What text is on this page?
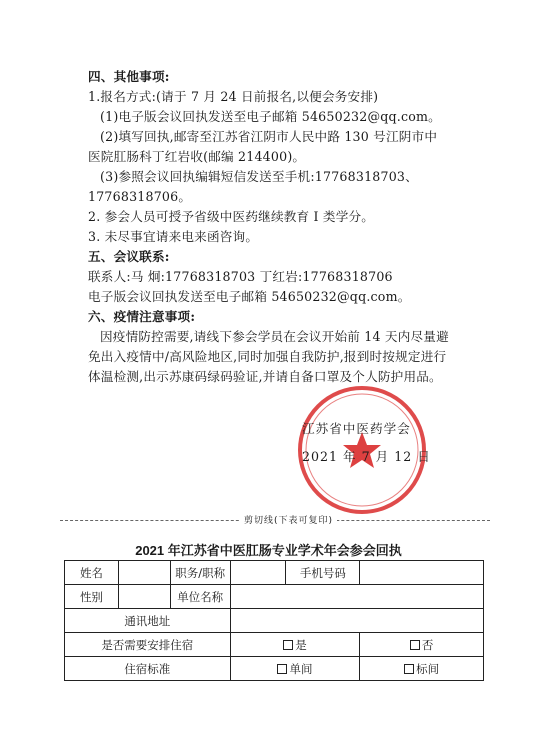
四、其他事项:
1.报名方式:(请于 7 月 24 日前报名,以便会务安排)
(1)电子版会议回执发送至电子邮箱 54650232@qq.com。
(2)填写回执,邮寄至江苏省江阴市人民中路 130 号江阴市中
医院肛肠科丁红岩收(邮编 214400)。
(3)参照会议回执编辑短信发送至手机:17768318703、
17768318706。
2. 参会人员可授予省级中医药继续教育 I 类学分。
3. 未尽事宜请来电来函咨询。
五、会议联系:
联系人:马 炯:17768318703 丁红岩:17768318706
电子版会议回执发送至电子邮箱 54650232@qq.com。
六、疫情注意事项:
因疫情防控需要,请线下参会学员在会议开始前 14 天内尽量避
免出入疫情中/高风险地区,同时加强自我防护,报到时按规定进行
体温检测,出示苏康码绿码验证,并请自备口罩及个人防护用品。
江苏省中医药学会
2021 年 7 月 12 日
剪切线(下表可复印)
2021 年江苏省中医肛肠专业学术年会参会回执
姓名		职务/职称		手机号码	
性别		单位名称			
通讯地址					
是否需要安排住宿			是		否
住宿标准			单间		标间
